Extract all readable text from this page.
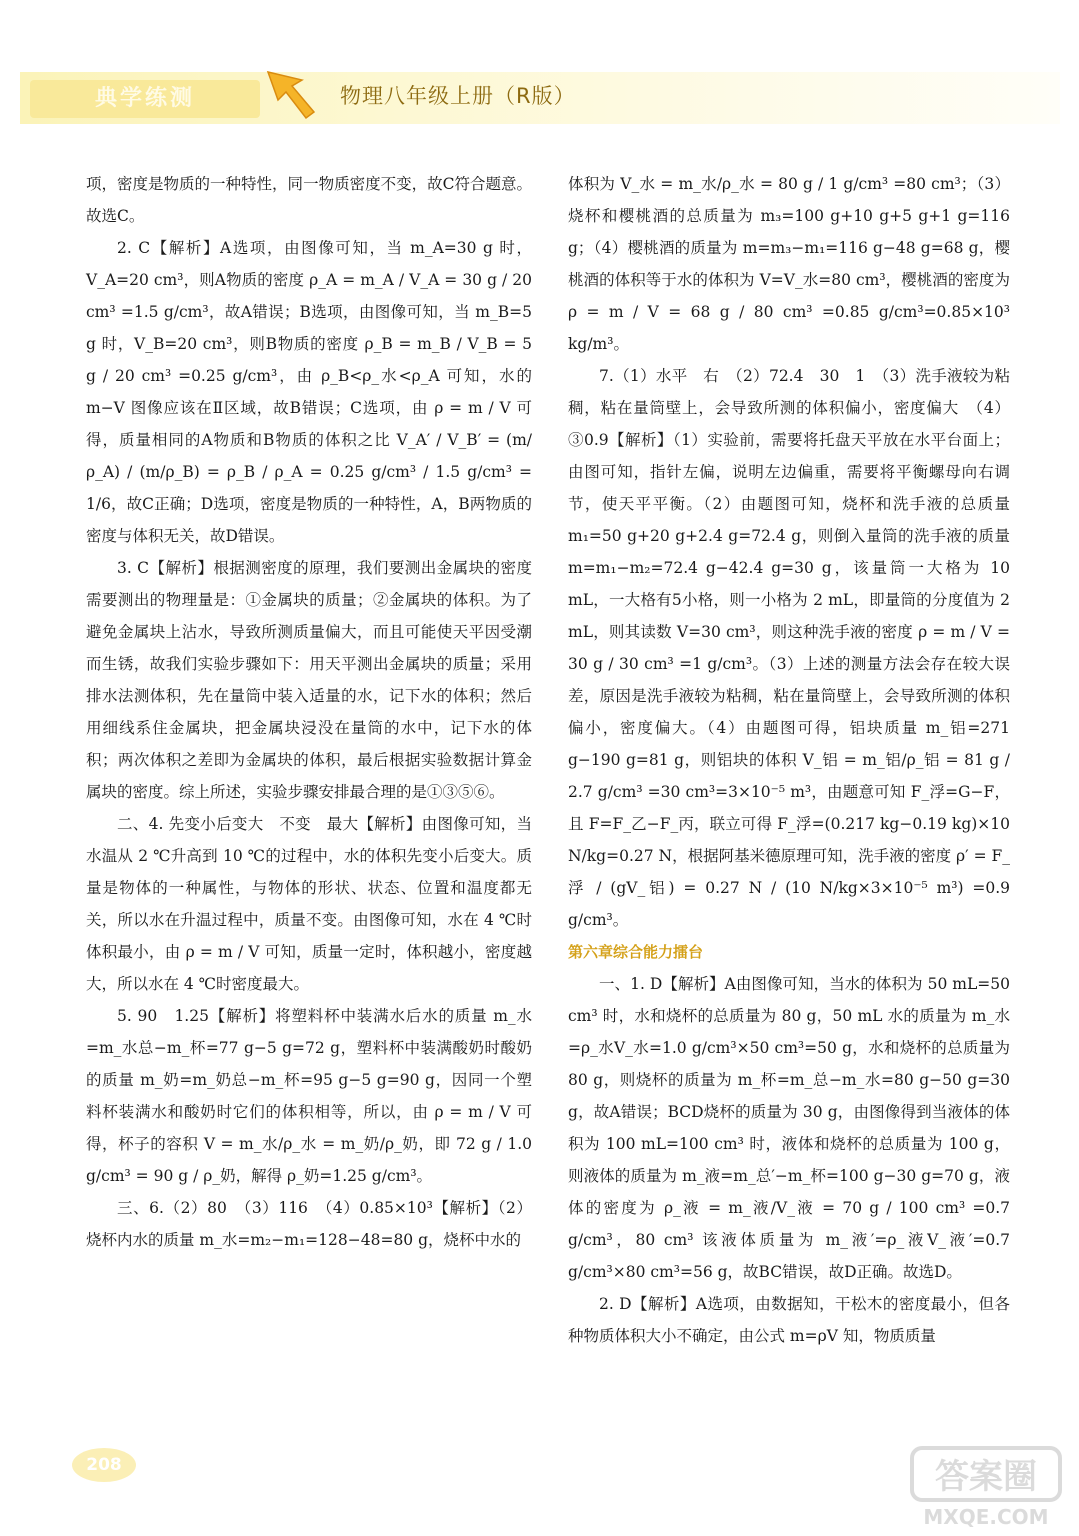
典学练测	物理八年级上册（R版）

项，密度是物质的一种特性，同一物质密度不变，故C符合题意。故选C。

2. C【解析】A选项，由图像可知，当 m_A=30 g 时，V_A=20 cm³，则A物质的密度 ρ_A = m_A / V_A = 30 g / 20 cm³ =1.5 g/cm³，故A错误；B选项，由图像可知，当 m_B=5 g 时，V_B=20 cm³，则B物质的密度 ρ_B = m_B / V_B = 5 g / 20 cm³ =0.25 g/cm³，由 ρ_B<ρ_水<ρ_A 可知，水的 m−V 图像应该在Ⅱ区域，故B错误；C选项，由 ρ = m / V 可得，质量相同的A物质和B物质的体积之比 V_A′ / V_B′ = (m/ρ_A) / (m/ρ_B) = ρ_B / ρ_A = 0.25 g/cm³ / 1.5 g/cm³ = 1/6，故C正确；D选项，密度是物质的一种特性，A，B两物质的密度与体积无关，故D错误。

3. C【解析】根据测密度的原理，我们要测出金属块的密度需要测出的物理量是：①金属块的质量；②金属块的体积。为了避免金属块上沾水，导致所测质量偏大，而且可能使天平因受潮而生锈，故我们实验步骤如下：用天平测出金属块的质量；采用排水法测体积，先在量筒中装入适量的水，记下水的体积；然后用细线系住金属块，把金属块浸没在量筒的水中，记下水的体积；两次体积之差即为金属块的体积，最后根据实验数据计算金属块的密度。综上所述，实验步骤安排最合理的是①③⑤⑥。

二、4. 先变小后变大　不变　最大【解析】由图像可知，当水温从 2 ℃升高到 10 ℃的过程中，水的体积先变小后变大。质量是物体的一种属性，与物体的形状、状态、位置和温度都无关，所以水在升温过程中，质量不变。由图像可知，水在 4 ℃时体积最小，由 ρ = m / V 可知，质量一定时，体积越小，密度越大，所以水在 4 ℃时密度最大。

5. 90　1.25【解析】将塑料杯中装满水后水的质量 m_水=m_水总−m_杯=77 g−5 g=72 g，塑料杯中装满酸奶时酸奶的质量 m_奶=m_奶总−m_杯=95 g−5 g=90 g，因同一个塑料杯装满水和酸奶时它们的体积相等，所以，由 ρ = m / V 可得，杯子的容积 V = m_水/ρ_水 = m_奶/ρ_奶，即 72 g / 1.0 g/cm³ = 90 g / ρ_奶，解得 ρ_奶=1.25 g/cm³。

三、6.（2）80　（3）116　（4）0.85×10³【解析】（2）烧杯内水的质量 m_水=m₂−m₁=128−48=80 g，烧杯中水的

体积为 V_水 = m_水/ρ_水 = 80 g / 1 g/cm³ =80 cm³；（3）烧杯和樱桃酒的总质量为 m₃=100 g+10 g+5 g+1 g=116 g；（4）樱桃酒的质量为 m=m₃−m₁=116 g−48 g=68 g，樱桃酒的体积等于水的体积为 V=V_水=80 cm³，樱桃酒的密度为 ρ = m / V = 68 g / 80 cm³ =0.85 g/cm³=0.85×10³ kg/m³。

7.（1）水平　右　（2）72.4　30　1　（3）洗手液较为粘稠，粘在量筒壁上，会导致所测的体积偏小，密度偏大　（4）③0.9【解析】（1）实验前，需要将托盘天平放在水平台面上；由图可知，指针左偏，说明左边偏重，需要将平衡螺母向右调节，使天平平衡。（2）由题图可知，烧杯和洗手液的总质量 m₁=50 g+20 g+2.4 g=72.4 g，则倒入量筒的洗手液的质量 m=m₁−m₂=72.4 g−42.4 g=30 g，该量筒一大格为 10 mL，一大格有5小格，则一小格为 2 mL，即量筒的分度值为 2 mL，则其读数 V=30 cm³，则这种洗手液的密度 ρ = m / V = 30 g / 30 cm³ =1 g/cm³。（3）上述的测量方法会存在较大误差，原因是洗手液较为粘稠，粘在量筒壁上，会导致所测的体积偏小，密度偏大。（4）由题图可得，铝块质量 m_铝=271 g−190 g=81 g，则铝块的体积 V_铝 = m_铝/ρ_铝 = 81 g / 2.7 g/cm³ =30 cm³=3×10⁻⁵ m³，由题意可知 F_浮=G−F，且 F=F_乙−F_丙，联立可得 F_浮=(0.217 kg−0.19 kg)×10 N/kg=0.27 N，根据阿基米德原理可知，洗手液的密度 ρ′ = F_浮 / (gV_铝) = 0.27 N / (10 N/kg×3×10⁻⁵ m³) =0.9 g/cm³。

第六章综合能力擂台

一、1. D【解析】A由图像可知，当水的体积为 50 mL=50 cm³ 时，水和烧杯的总质量为 80 g，50 mL 水的质量为 m_水=ρ_水V_水=1.0 g/cm³×50 cm³=50 g，水和烧杯的总质量为 80 g，则烧杯的质量为 m_杯=m_总−m_水=80 g−50 g=30 g，故A错误；BCD烧杯的质量为 30 g，由图像得到当液体的体积为 100 mL=100 cm³ 时，液体和烧杯的总质量为 100 g，则液体的质量为 m_液=m_总′−m_杯=100 g−30 g=70 g，液体的密度为 ρ_液 = m_液/V_液 = 70 g / 100 cm³ =0.7 g/cm³，80 cm³ 该液体质量为 m_液′=ρ_液V_液′=0.7 g/cm³×80 cm³=56 g，故BC错误，故D正确。故选D。

2. D【解析】A选项，由数据知，干松木的密度最小，但各种物质体积大小不确定，由公式 m=ρV 知，物质质量

208	答案圈
MXQE.COM
